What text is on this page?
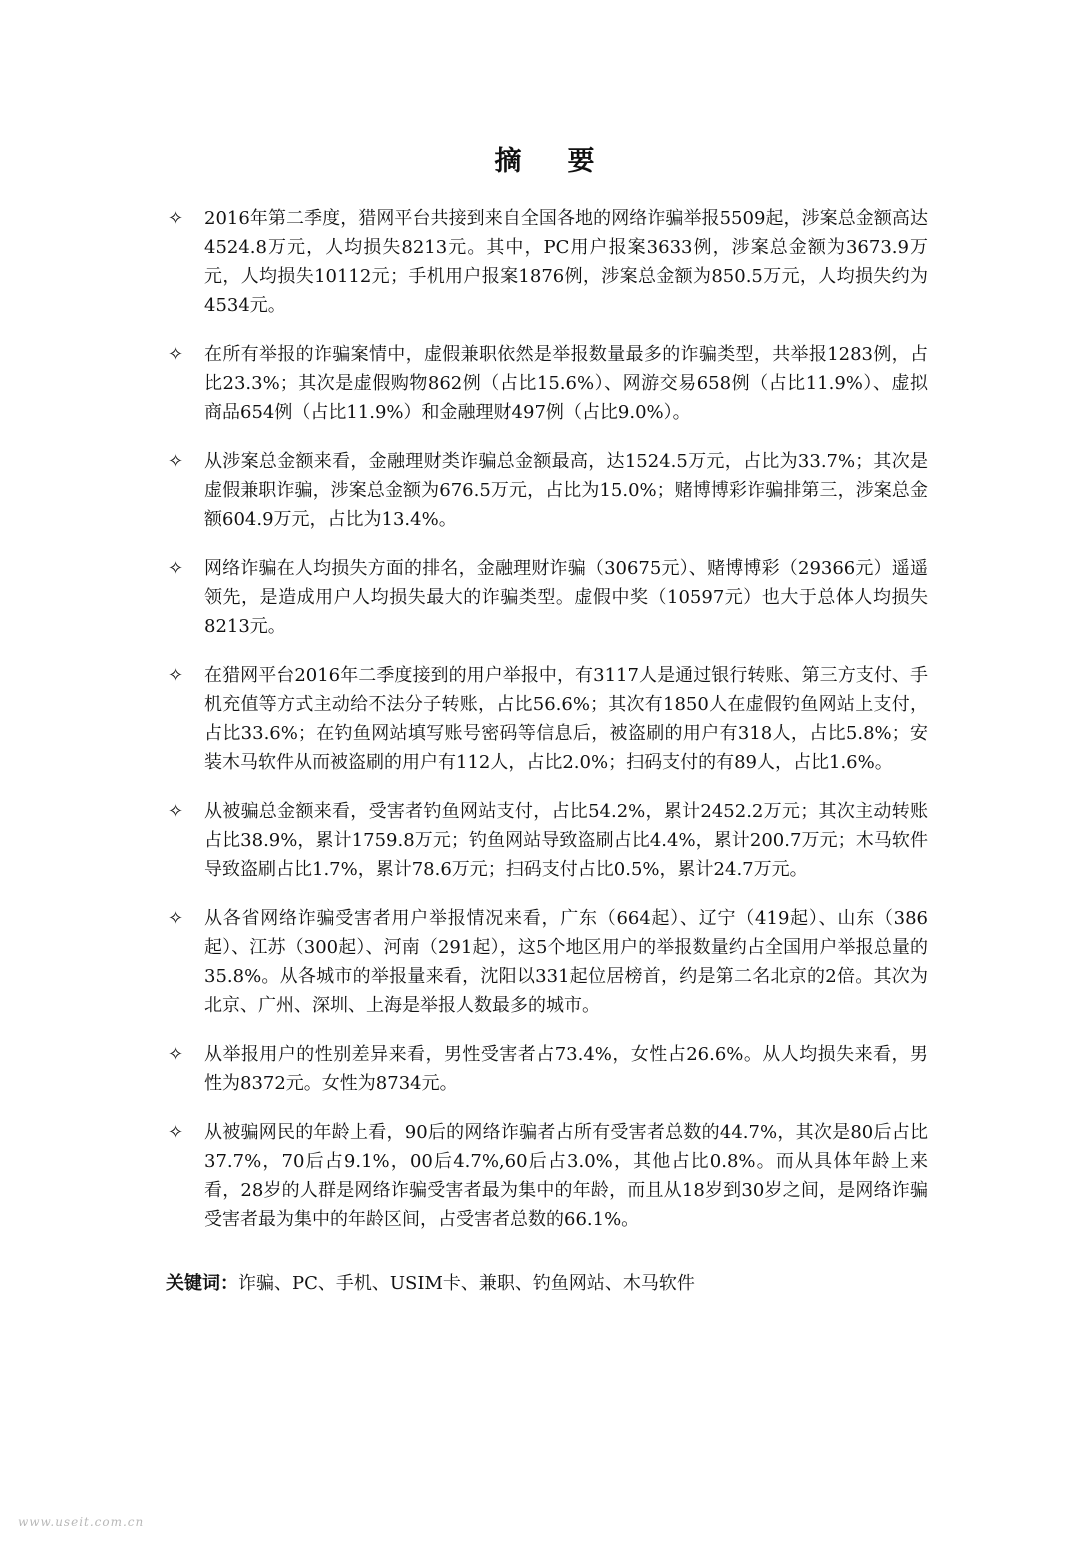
摘 要
✧ 2016年第二季度，猎网平台共接到来自全国各地的网络诈骗举报5509起，涉案总金额高达4524.8万元，人均损失8213元。其中，PC用户报案3633例，涉案总金额为3673.9万元，人均损失10112元；手机用户报案1876例，涉案总金额为850.5万元，人均损失约为4534元。
✧ 在所有举报的诈骗案情中，虚假兼职依然是举报数量最多的诈骗类型，共举报1283例，占比23.3%；其次是虚假购物862例（占比15.6%）、网游交易658例（占比11.9%）、虚拟商品654例（占比11.9%）和金融理财497例（占比9.0%）。
✧ 从涉案总金额来看，金融理财类诈骗总金额最高，达1524.5万元，占比为33.7%；其次是虚假兼职诈骗，涉案总金额为676.5万元，占比为15.0%；赌博博彩诈骗排第三，涉案总金额604.9万元，占比为13.4%。
✧ 网络诈骗在人均损失方面的排名，金融理财诈骗（30675元）、赌博博彩（29366元）遥遥领先，是造成用户人均损失最大的诈骗类型。虚假中奖（10597元）也大于总体人均损失8213元。
✧ 在猎网平台2016年二季度接到的用户举报中，有3117人是通过银行转账、第三方支付、手机充值等方式主动给不法分子转账，占比56.6%；其次有1850人在虚假钓鱼网站上支付，占比33.6%；在钓鱼网站填写账号密码等信息后，被盗刷的用户有318人，占比5.8%；安装木马软件从而被盗刷的用户有112人，占比2.0%；扫码支付的有89人，占比1.6%。
✧ 从被骗总金额来看，受害者钓鱼网站支付，占比54.2%，累计2452.2万元；其次主动转账占比38.9%，累计1759.8万元；钓鱼网站导致盗刷占比4.4%，累计200.7万元；木马软件导致盗刷占比1.7%，累计78.6万元；扫码支付占比0.5%，累计24.7万元。
✧ 从各省网络诈骗受害者用户举报情况来看，广东（664起）、辽宁（419起）、山东（386起）、江苏（300起）、河南（291起），这5个地区用户的举报数量约占全国用户举报总量的35.8%。从各城市的举报量来看，沈阳以331起位居榜首，约是第二名北京的2倍。其次为北京、广州、深圳、上海是举报人数最多的城市。
✧ 从举报用户的性别差异来看，男性受害者占73.4%，女性占26.6%。从人均损失来看，男性为8372元。女性为8734元。
✧ 从被骗网民的年龄上看，90后的网络诈骗者占所有受害者总数的44.7%，其次是80后占比37.7%，70后占9.1%，00后4.7%,60后占3.0%，其他占比0.8%。而从具体年龄上来看，28岁的人群是网络诈骗受害者最为集中的年龄，而且从18岁到30岁之间，是网络诈骗受害者最为集中的年龄区间，占受害者总数的66.1%。
关键词：诈骗、PC、手机、USIM卡、兼职、钓鱼网站、木马软件
www.useit.com.cn
